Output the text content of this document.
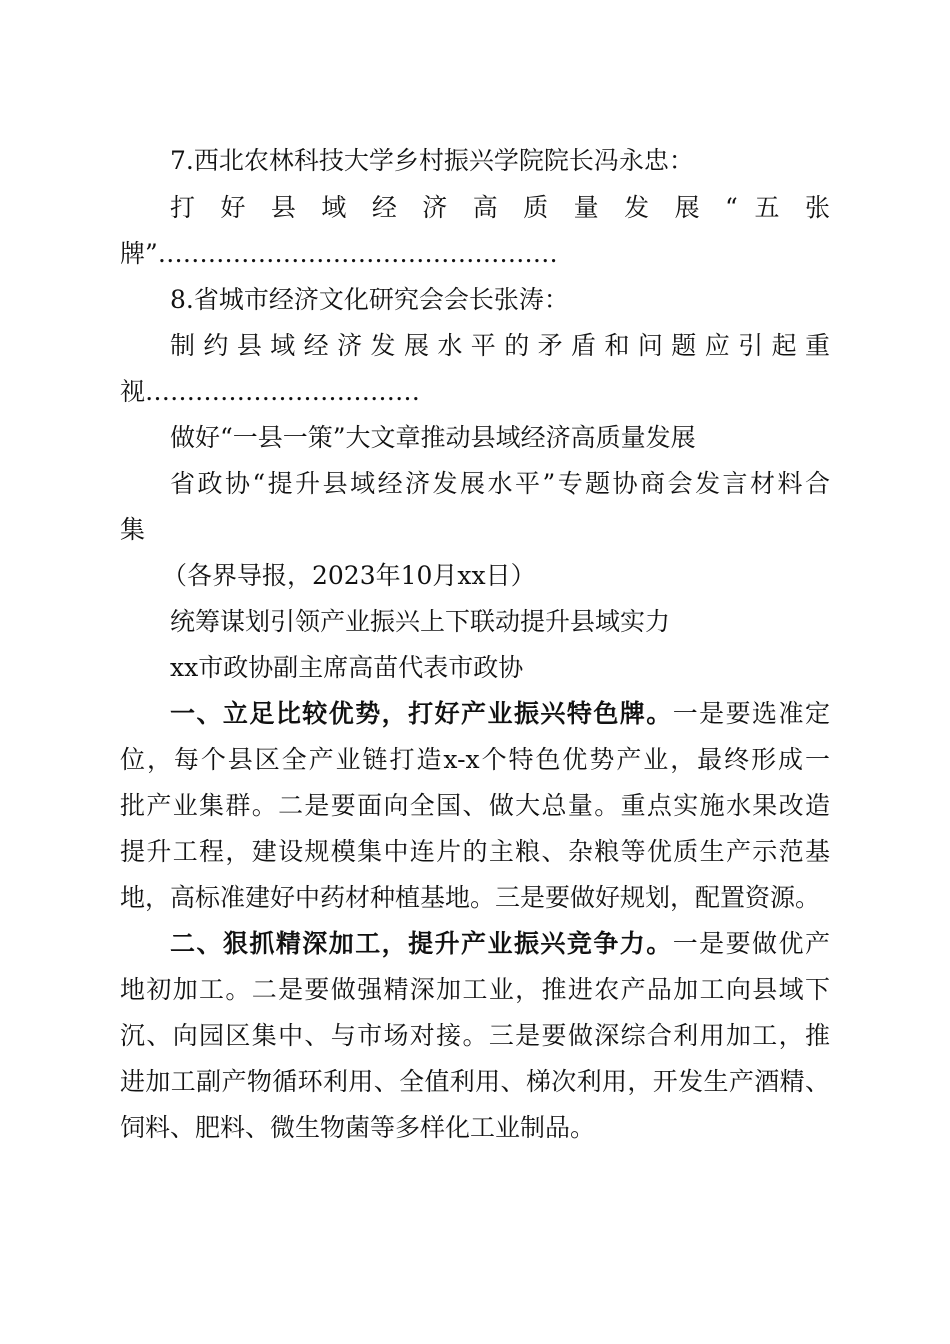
7.西北农林科技大学乡村振兴学院院长冯永忠：
打 好 县 域 经 济 高 质 量 发 展 “ 五 张
牌”…………………………………………
8.省城市经济文化研究会会长张涛：
制约县域经济发展水平的矛盾和问题应引起重
视……………………………
做好“一县一策”大文章推动县域经济高质量发展
省政协“提升县域经济发展水平”专题协商会发言材料合
集
（各界导报，2023年10月xx日）
统筹谋划引领产业振兴上下联动提升县域实力
xx市政协副主席高苗代表市政协
一、立足比较优势，打好产业振兴特色牌。一是要选准定
位，每个县区全产业链打造x-x个特色优势产业，最终形成一
批产业集群。二是要面向全国、做大总量。重点实施水果改造
提升工程，建设规模集中连片的主粮、杂粮等优质生产示范基
地，高标准建好中药材种植基地。三是要做好规划，配置资源。
二、狠抓精深加工，提升产业振兴竞争力。一是要做优产
地初加工。二是要做强精深加工业，推进农产品加工向县域下
沉、向园区集中、与市场对接。三是要做深综合利用加工，推
进加工副产物循环利用、全值利用、梯次利用，开发生产酒精、
饲料、肥料、微生物菌等多样化工业制品。
